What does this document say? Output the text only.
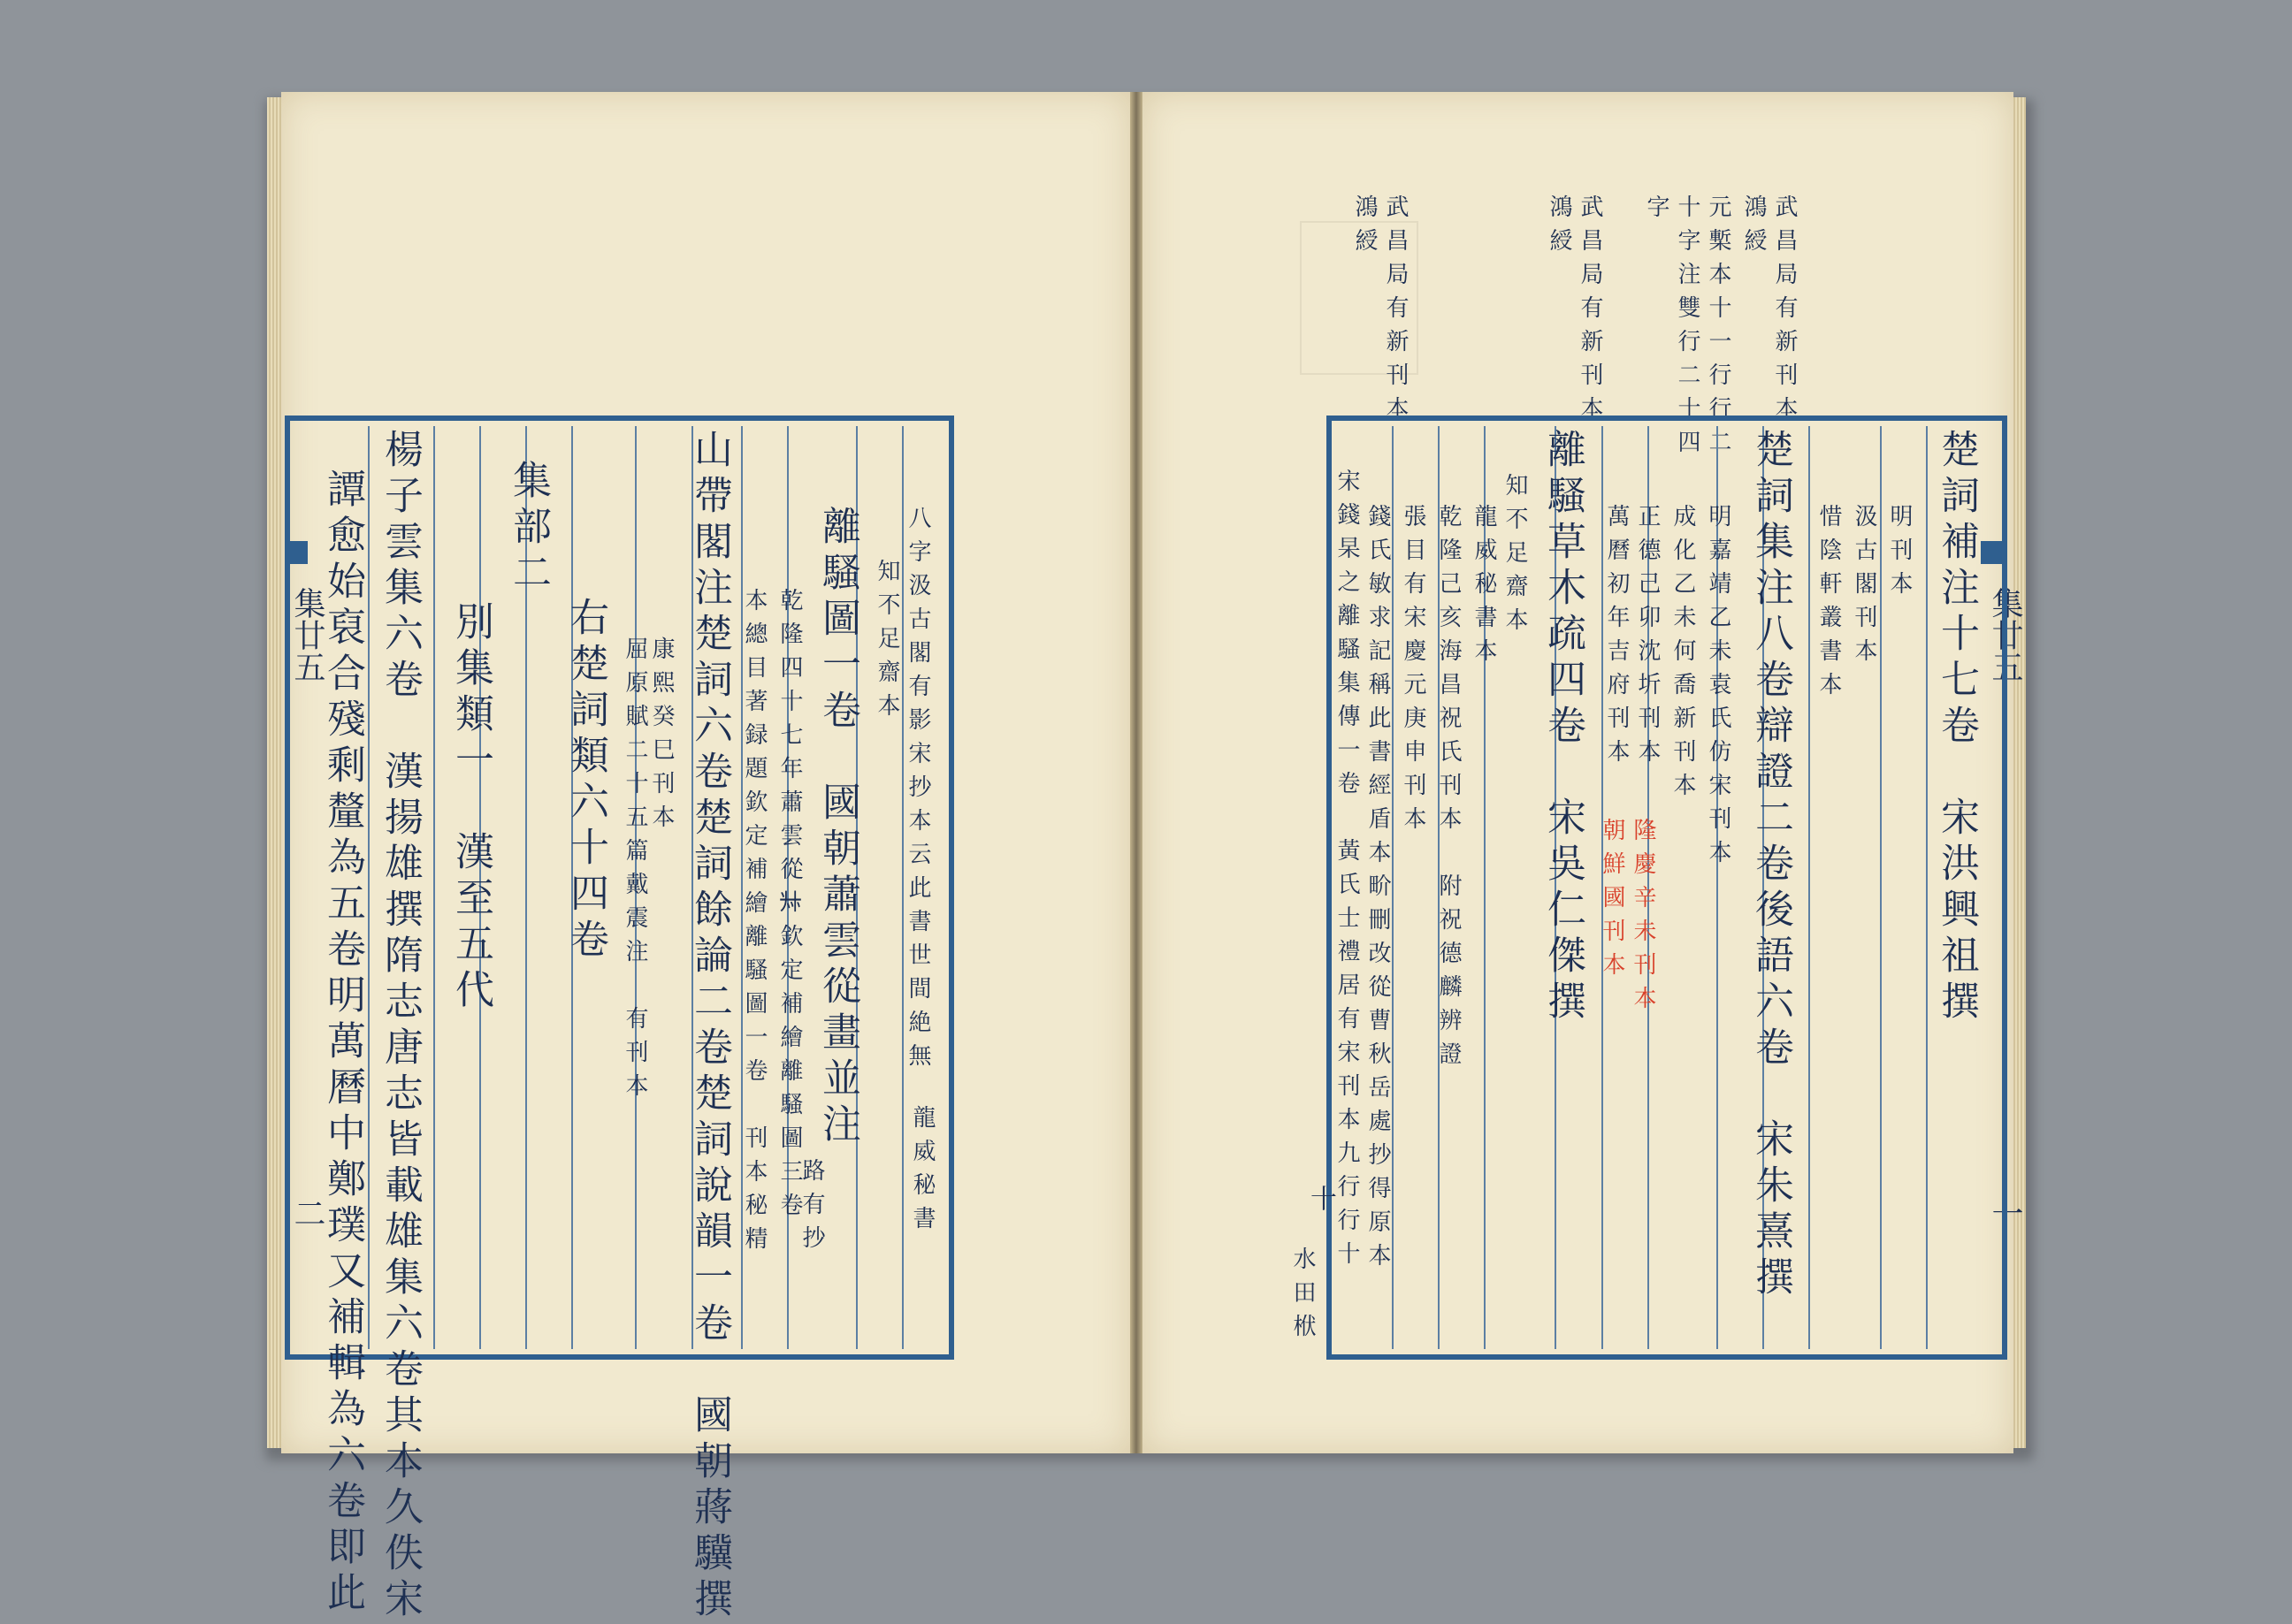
集廿五
二
八字汲古閣有影宋抄本云此書世間絶無
知不足齋本
離騷圖一卷　國朝蕭雲從畫並注
乾隆四十七年蕭雲從𠦑欽定補繪離騷圖三卷
本總目著録題欽定補繪離騷圖一卷　刊本秘精
山帶閣注楚詞六卷楚詞餘論二卷楚詞說韻一卷　國朝蔣驥撰
康熙癸巳刊本
屈原賦二十五篇戴震注　有刊本
右楚詞類六十四卷
集部二
別集類一　漢至五代
楊子雲集六卷　漢揚雄撰隋志唐志皆載雄集六卷其本久佚宋
譚愈始裒合殘剩釐為五卷明萬曆中鄭璞又補輯為六卷即此	龍威秘書
路有抄
集廿五
一
武昌局有新刊本
鴻綬
元槧本十一行行二
十字注雙行二十四
字
武昌局有新刊本
鴻綬
武昌局有新刊本
鴻綬
楚詞補注十七卷　宋洪興祖撰
明刊本
汲古閣刊本
惜陰軒叢書本
楚詞集注八卷辯證二卷後語六卷　宋朱熹撰
明嘉靖乙未袁氏仿宋刊本
成化乙未何喬新刊本
正德己卯沈圻刊本
萬曆初年吉府刊本
隆慶辛未刊本
朝鮮國刊本
離騷草木疏四卷　宋吳仁傑撰
知不足齋本
龍威秘書本
乾隆己亥海昌祝氏刊本　附祝德麟辨證
張目有宋慶元庚申刊本
錢氏敏求記稱此書經盾本畍刪改從曹秋岳處抄得原本
宋錢杲之離騷集傳一卷　黃氏士禮居有宋刊本九行行十
十
水田栿
